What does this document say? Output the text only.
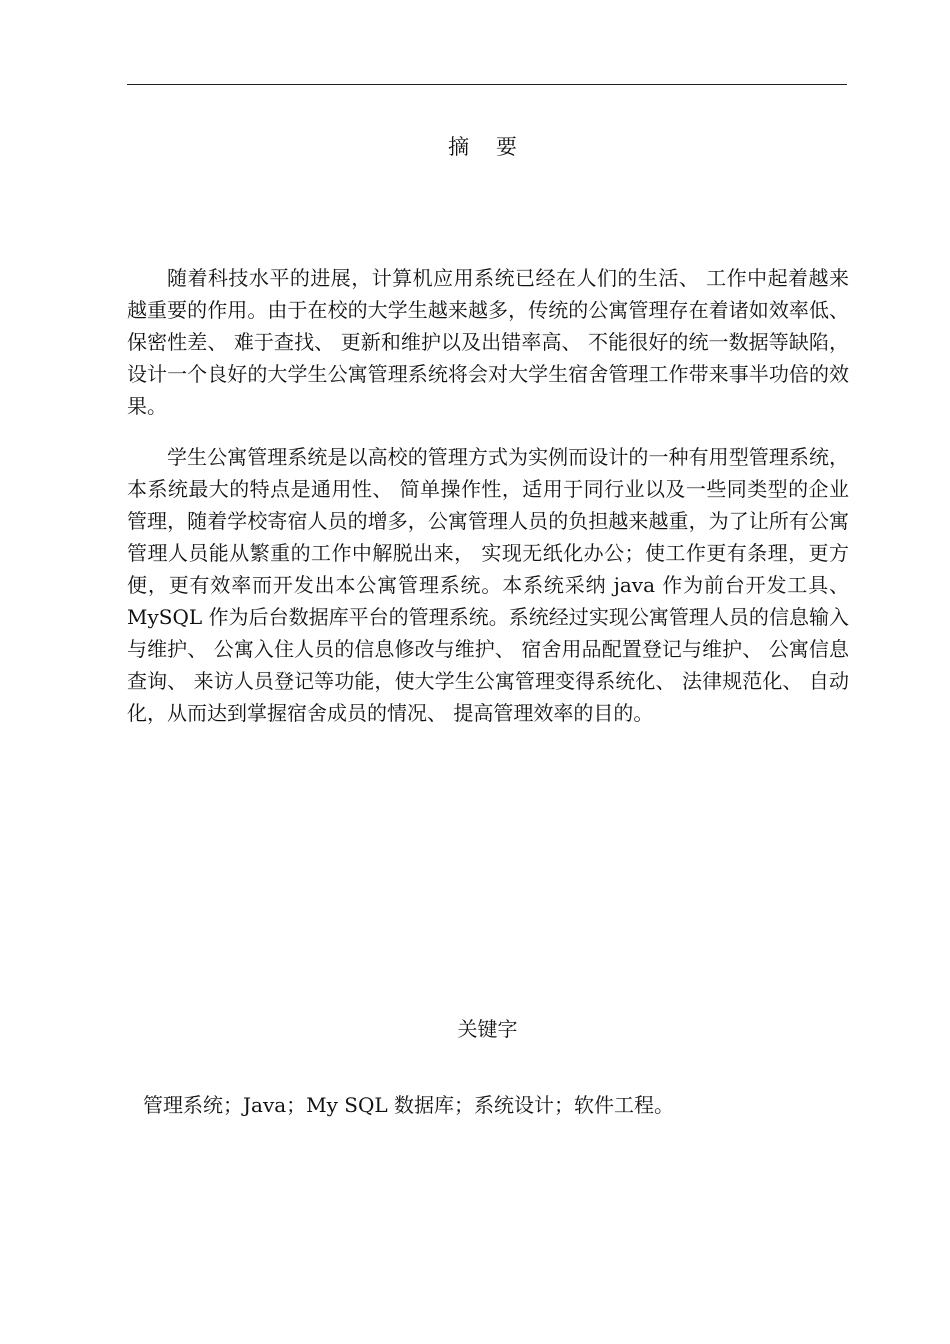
摘 要

随着科技水平的进展，计算机应用系统已经在人们的生活、 工作中起着越来越重要的作用。由于在校的大学生越来越多，传统的公寓管理存在着诸如效率低、 保密性差、 难于查找、 更新和维护以及出错率高、 不能很好的统一数据等缺陷，设计一个良好的大学生公寓管理系统将会对大学生宿舍管理工作带来事半功倍的效果。

学生公寓管理系统是以高校的管理方式为实例而设计的一种有用型管理系统，本系统最大的特点是通用性、 简单操作性，适用于同行业以及一些同类型的企业管理，随着学校寄宿人员的增多，公寓管理人员的负担越来越重，为了让所有公寓管理人员能从繁重的工作中解脱出来， 实现无纸化办公；使工作更有条理，更方便，更有效率而开发出本公寓管理系统。本系统采纳 java 作为前台开发工具、 MySQL 作为后台数据库平台的管理系统。系统经过实现公寓管理人员的信息输入与维护、 公寓入住人员的信息修改与维护、 宿舍用品配置登记与维护、 公寓信息查询、 来访人员登记等功能，使大学生公寓管理变得系统化、 法律规范化、 自动化，从而达到掌握宿舍成员的情况、 提高管理效率的目的。

关键字
管理系统；Java；My SQL 数据库；系统设计；软件工程。
